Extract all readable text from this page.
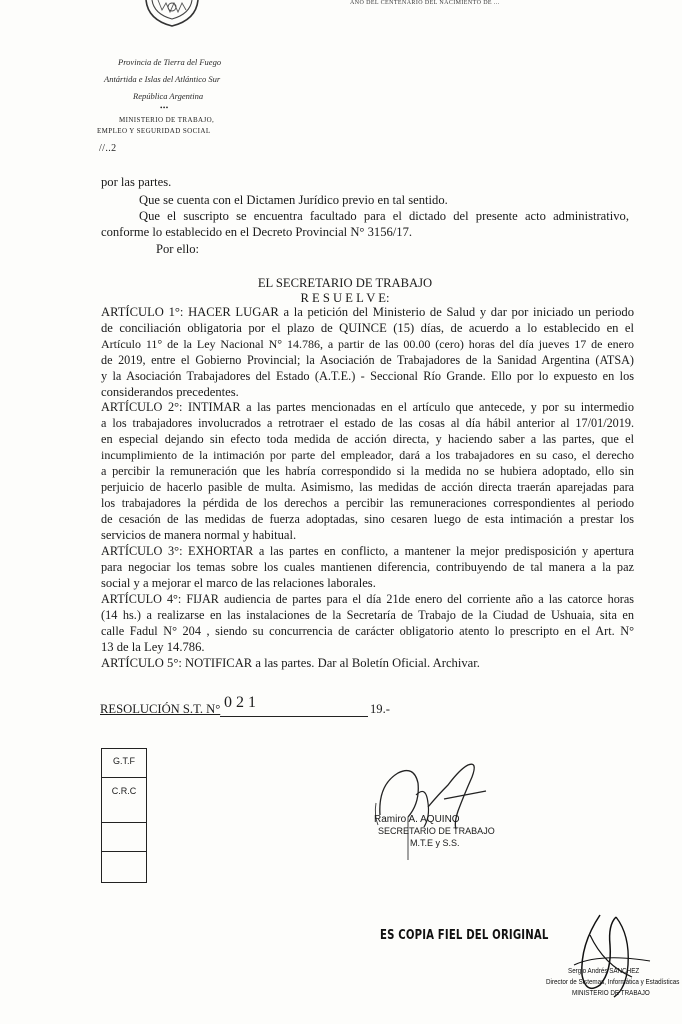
AÑO DEL CENTENARIO DEL NACIMIENTO DE ...
Provincia de Tierra del Fuego
Antártida e Islas del Atlántico Sur
República Argentina
•••
MINISTERIO DE TRABAJO,
EMPLEO Y SEGURIDAD SOCIAL
//..2
por las partes.
Que se cuenta con el Dictamen Jurídico previo en tal sentido.
Que el suscripto se encuentra facultado para el dictado del presente acto administrativo,
conforme lo establecido en el Decreto Provincial N° 3156/17.
Por ello:
EL SECRETARIO DE TRABAJO
R E S U E L V E:
ARTÍCULO 1°: HACER LUGAR a la petición del Ministerio de Salud y dar por iniciado un periodo
de conciliación obligatoria por el plazo de QUINCE (15) días, de acuerdo a lo establecido en el
Artículo 11° de la Ley Nacional N° 14.786, a partir de las 00.00 (cero) horas del día jueves 17 de enero
de 2019, entre el Gobierno Provincial; la Asociación de Trabajadores de la Sanidad Argentina (ATSA)
y la Asociación Trabajadores del Estado (A.T.E.) - Seccional Río Grande. Ello por lo expuesto en los
considerandos precedentes.
ARTÍCULO 2°: INTIMAR a las partes mencionadas en el artículo que antecede, y por su intermedio
a los trabajadores involucrados a retrotraer el estado de las cosas al día hábil anterior al 17/01/2019.
en especial dejando sin efecto toda medida de acción directa, y haciendo saber a las partes, que el
incumplimiento de la intimación por parte del empleador, dará a los trabajadores en su caso, el derecho
a percibir la remuneración que les habría correspondido si la medida no se hubiera adoptado, ello sin
perjuicio de hacerlo pasible de multa. Asimismo, las medidas de acción directa traerán aparejadas para
los trabajadores la pérdida de los derechos a percibir las remuneraciones correspondientes al periodo
de cesación de las medidas de fuerza adoptadas, sino cesaren luego de esta intimación a prestar los
servicios de manera normal y habitual.
ARTÍCULO 3°: EXHORTAR a las partes en conflicto, a mantener la mejor predisposición y apertura
para negociar los temas sobre los cuales mantienen diferencia, contribuyendo de tal manera a la paz
social y a mejorar el marco de las relaciones laborales.
ARTÍCULO 4°: FIJAR audiencia de partes para el día 21de enero del corriente año a las catorce horas
(14 hs.) a realizarse en las instalaciones de la Secretaría de Trabajo de la Ciudad de Ushuaia, sita en
calle Fadul N° 204 , siendo su concurrencia de carácter obligatorio atento lo prescripto en el Art. N°
13 de la Ley 14.786.
ARTÍCULO 5°: NOTIFICAR a las partes. Dar al Boletín Oficial. Archivar.
RESOLUCIÓN S.T. N° 021	19.-
G.T.F
C.R.C
Ramiro A. AQUINO
SECRETARIO DE TRABAJO
M.T.E y S.S.
ES COPIA FIEL DEL ORIGINAL
Sergio Andrés SANCHEZ
Director de Sistemas, Informática y Estadísticas
MINISTERIO DE TRABAJO
